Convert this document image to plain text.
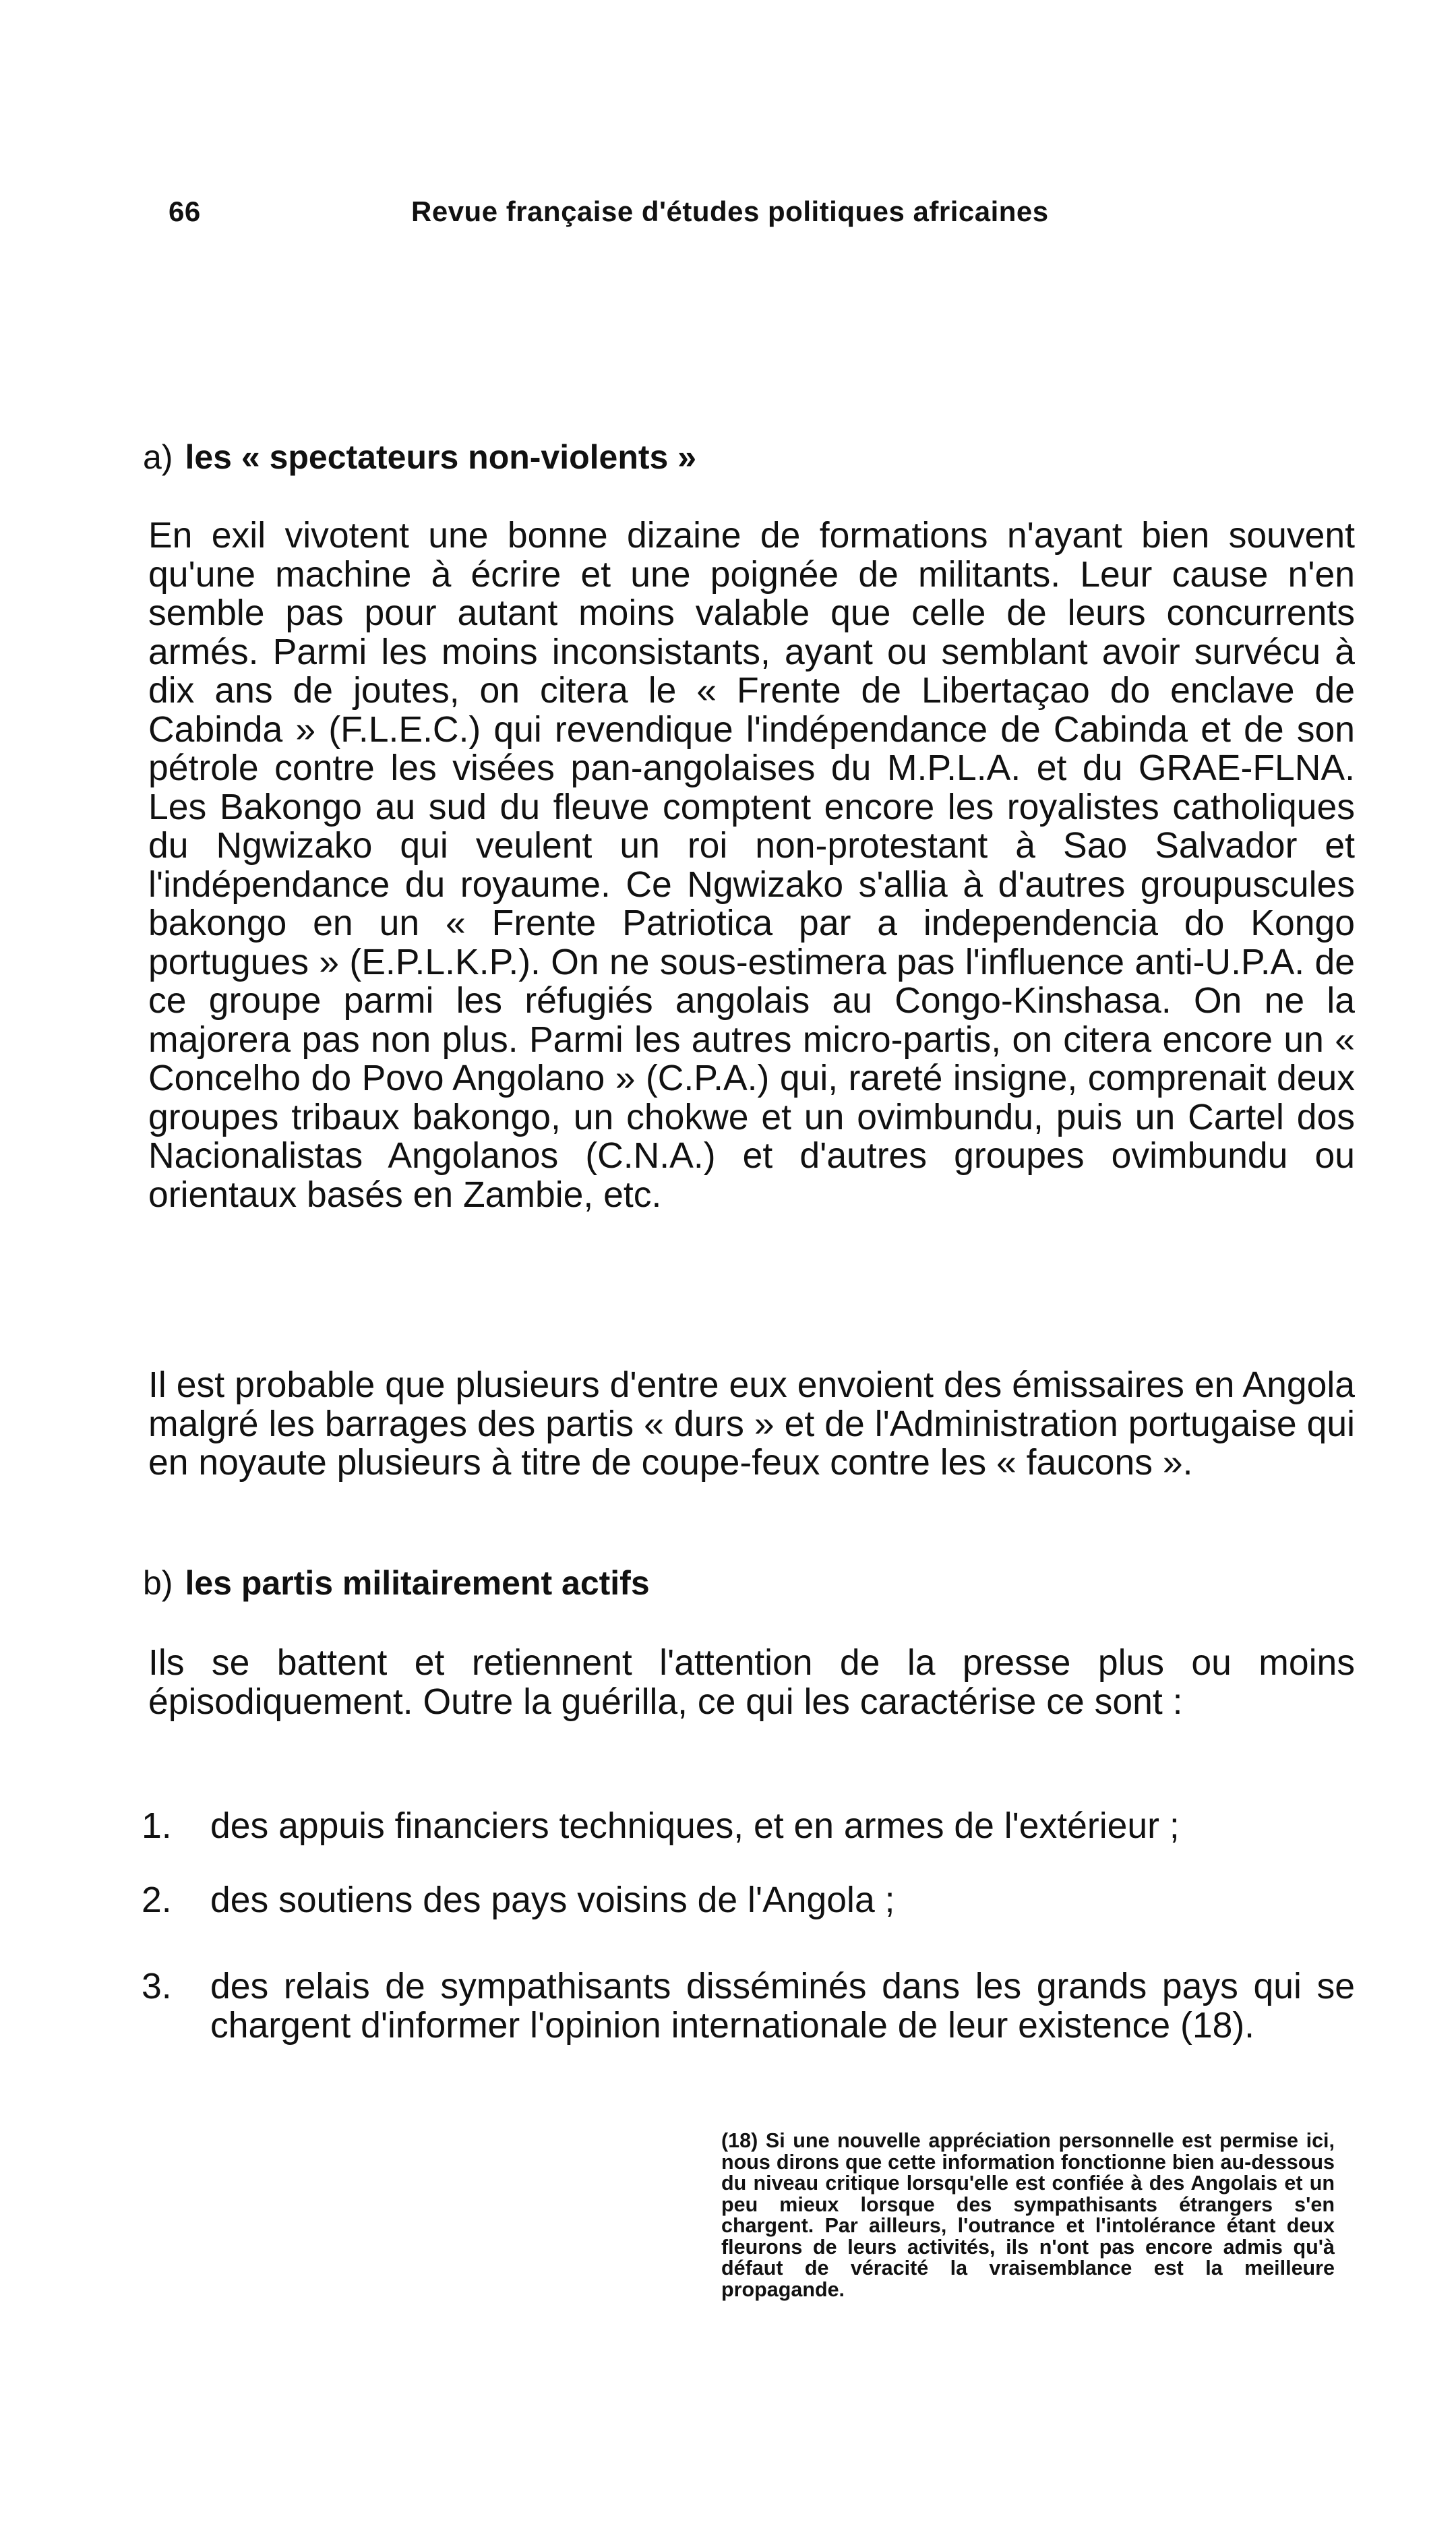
66	Revue française d'études politiques africaines
a) les « spectateurs non-violents »

En exil vivotent une bonne dizaine de formations n'ayant bien souvent qu'une machine à écrire et une poignée de militants. Leur cause n'en semble pas pour autant moins valable que celle de leurs concurrents armés. Parmi les moins inconsistants, ayant ou semblant avoir survécu à dix ans de joutes, on citera le « Frente de Libertaçao do enclave de Cabinda » (F.L.E.C.) qui revendique l'indépendance de Cabinda et de son pétrole contre les visées pan-angolaises du M.P.L.A. et du GRAE-FLNA. Les Bakongo au sud du fleuve comptent encore les royalistes catholiques du Ngwizako qui veulent un roi non-protestant à Sao Salvador et l'indépendance du royaume. Ce Ngwizako s'allia à d'autres groupuscules bakongo en un « Frente Patriotica par a independencia do Kongo portugues » (E.P.L.K.P.). On ne sous-estimera pas l'influence anti-U.P.A. de ce groupe parmi les réfugiés angolais au Congo-Kinshasa. On ne la majorera pas non plus. Parmi les autres micro-partis, on citera encore un « Concelho do Povo Angolano » (C.P.A.) qui, rareté insigne, comprenait deux groupes tribaux bakongo, un chokwe et un ovimbundu, puis un Cartel dos Nacionalistas Angolanos (C.N.A.) et d'autres groupes ovimbundu ou orientaux basés en Zambie, etc.

Il est probable que plusieurs d'entre eux envoient des émissaires en Angola malgré les barrages des partis « durs » et de l'Administration portugaise qui en noyaute plusieurs à titre de coupe-feux contre les « faucons ».

b) les partis militairement actifs

Ils se battent et retiennent l'attention de la presse plus ou moins épisodiquement. Outre la guérilla, ce qui les caractérise ce sont :

1. des appuis financiers techniques, et en armes de l'extérieur ;
2. des soutiens des pays voisins de l'Angola ;
3. des relais de sympathisants disséminés dans les grands pays qui se chargent d'informer l'opinion internationale de leur existence (18).

(18) Si une nouvelle appréciation personnelle est permise ici, nous dirons que cette information fonctionne bien au-dessous du niveau critique lorsqu'elle est confiée à des Angolais et un peu mieux lorsque des sympathisants étrangers s'en chargent. Par ailleurs, l'outrance et l'intolérance étant deux fleurons de leurs activités, ils n'ont pas encore admis qu'à défaut de véracité la vraisemblance est la meilleure propagande.
